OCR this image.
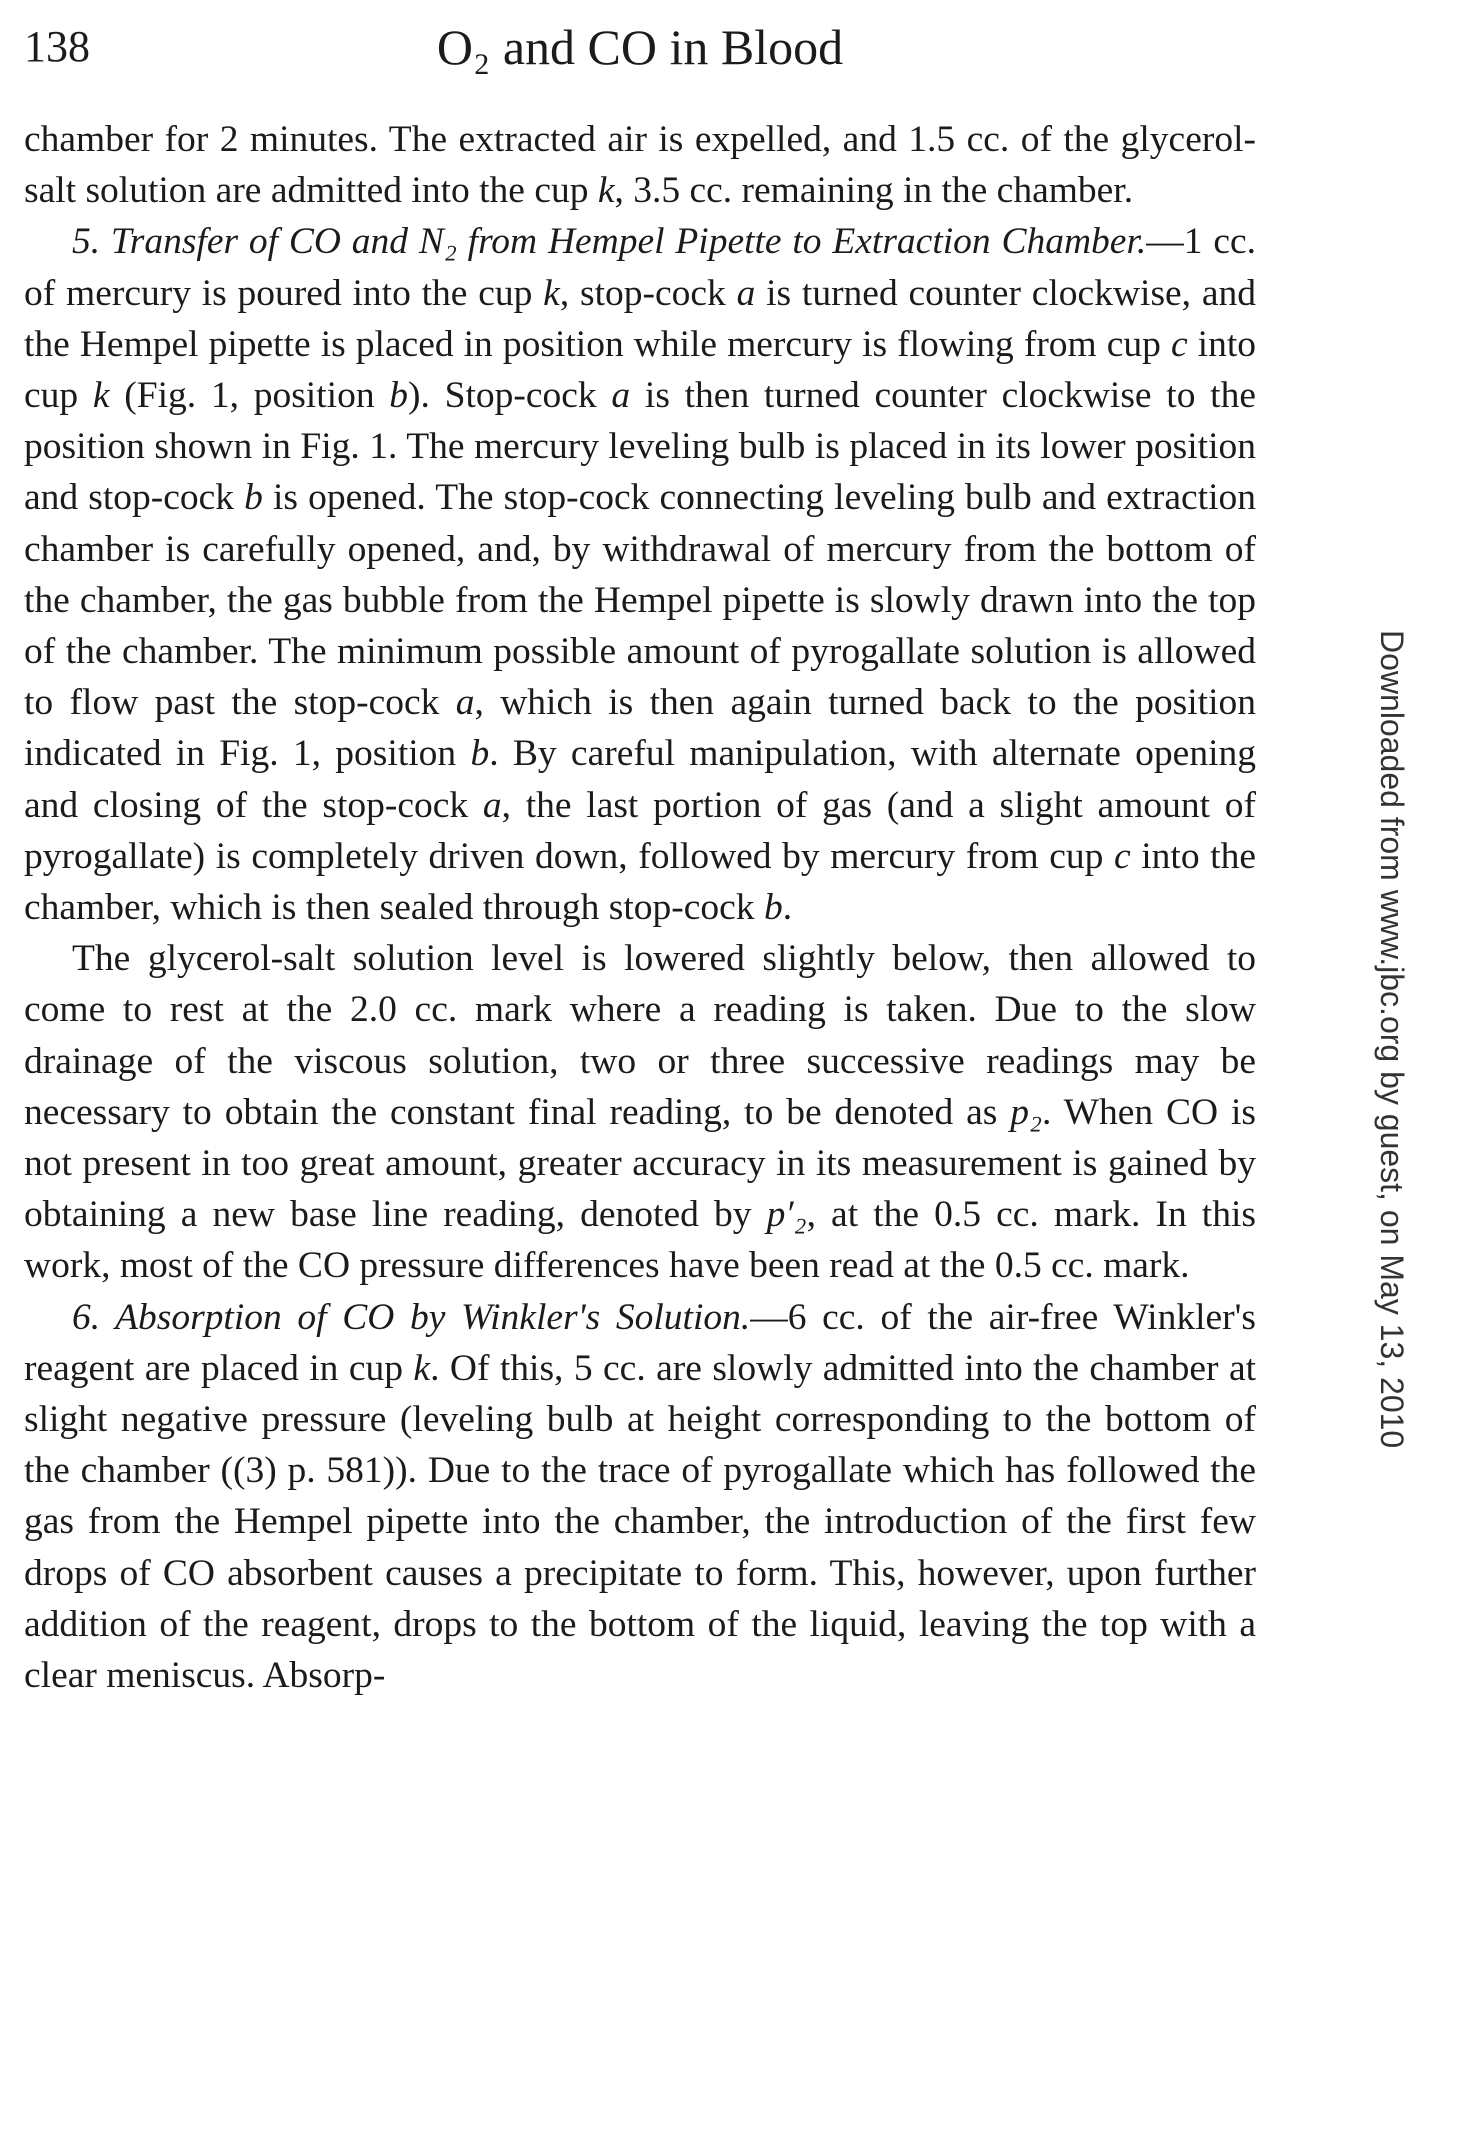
138	O₂ and CO in Blood

chamber for 2 minutes. The extracted air is expelled, and 1.5 cc. of the glycerol-salt solution are admitted into the cup k, 3.5 cc. remaining in the chamber.

5. Transfer of CO and N₂ from Hempel Pipette to Extraction Chamber.—1 cc. of mercury is poured into the cup k, stop-cock a is turned counter clockwise, and the Hempel pipette is placed in position while mercury is flowing from cup c into cup k (Fig. 1, position b). Stop-cock a is then turned counter clockwise to the position shown in Fig. 1. The mercury leveling bulb is placed in its lower position and stop-cock b is opened. The stop-cock connecting leveling bulb and extraction chamber is carefully opened, and, by withdrawal of mercury from the bottom of the chamber, the gas bubble from the Hempel pipette is slowly drawn into the top of the chamber. The minimum possible amount of pyrogallate solution is allowed to flow past the stop-cock a, which is then again turned back to the position indicated in Fig. 1, position b. By careful manipulation, with alternate opening and closing of the stop-cock a, the last portion of gas (and a slight amount of pyrogallate) is completely driven down, followed by mercury from cup c into the chamber, which is then sealed through stop-cock b.

The glycerol-salt solution level is lowered slightly below, then allowed to come to rest at the 2.0 cc. mark where a reading is taken. Due to the slow drainage of the viscous solution, two or three successive readings may be necessary to obtain the constant final reading, to be denoted as p₂. When CO is not present in too great amount, greater accuracy in its measurement is gained by obtaining a new base line reading, denoted by p′₂, at the 0.5 cc. mark. In this work, most of the CO pressure differences have been read at the 0.5 cc. mark.

6. Absorption of CO by Winkler's Solution.—6 cc. of the air-free Winkler's reagent are placed in cup k. Of this, 5 cc. are slowly admitted into the chamber at slight negative pressure (leveling bulb at height corresponding to the bottom of the chamber ((3) p. 581)). Due to the trace of pyrogallate which has followed the gas from the Hempel pipette into the chamber, the introduction of the first few drops of CO absorbent causes a precipitate to form. This, however, upon further addition of the reagent, drops to the bottom of the liquid, leaving the top with a clear meniscus. Absorp-

Downloaded from www.jbc.org by guest, on May 13, 2010
